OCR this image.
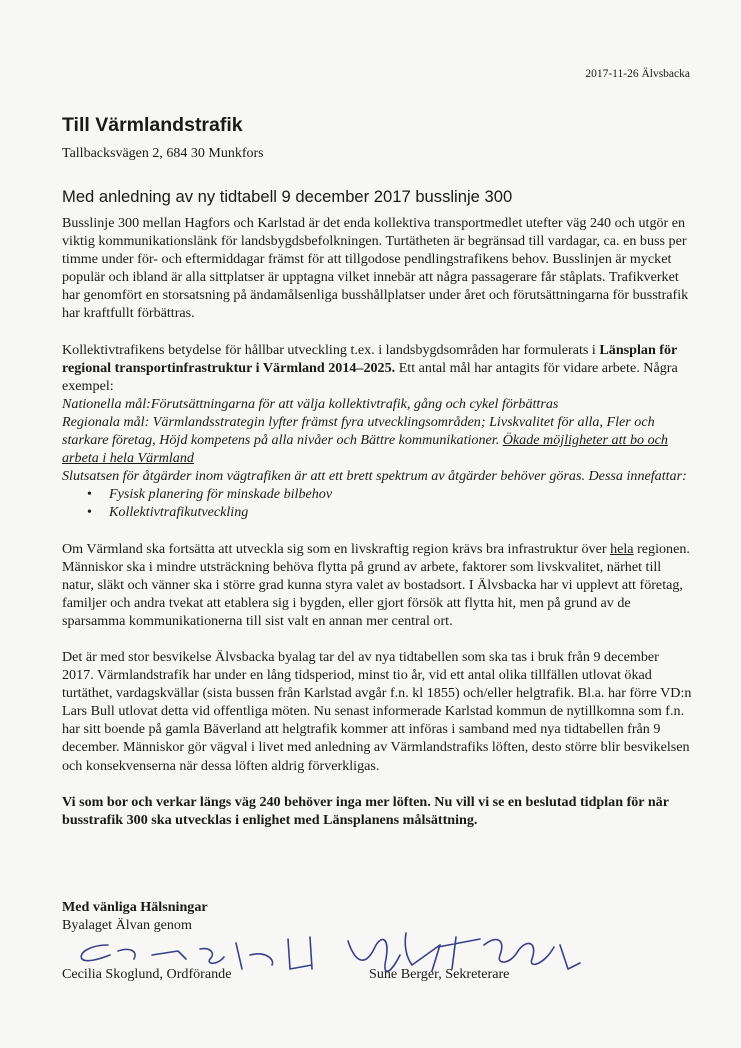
2017-11-26 Älvsbacka
Till Värmlandstrafik
Tallbacksvägen 2, 684 30 Munkfors
Med anledning av ny tidtabell 9 december 2017 busslinje 300

Busslinje 300 mellan Hagfors och Karlstad är det enda kollektiva transportmedlet utefter väg 240 och utgör en viktig kommunikationslänk för landsbygdsbefolkningen. Turtätheten är begränsad till vardagar, ca. en buss per timme under för- och eftermiddagar främst för att tillgodose pendlingstrafikens behov. Busslinjen är mycket populär och ibland är alla sittplatser är upptagna vilket innebär att några passagerare får ståplats. Trafikverket har genomfört en storsatsning på ändamålsenliga busshållplatser under året och förutsättningarna för busstrafik har kraftfullt förbättras.

Kollektivtrafikens betydelse för hållbar utveckling t.ex. i landsbygdsområden har formulerats i Länsplan för regional transportinfrastruktur i Värmland 2014–2025. Ett antal mål har antagits för vidare arbete. Några exempel:

Nationella mål:Förutsättningarna för att välja kollektivtrafik, gång och cykel förbättras

Regionala mål: Värmlandsstrategin lyfter främst fyra utvecklingsområden; Livskvalitet för alla, Fler och starkare företag, Höjd kompetens på alla nivåer och Bättre kommunikationer. Ökade möjligheter att bo och arbeta i hela Värmland

Slutsatsen för åtgärder inom vägtrafiken är att ett brett spektrum av åtgärder behöver göras. Dessa innefattar:

• Fysisk planering för minskade bilbehov
• Kollektivtrafikutveckling

Om Värmland ska fortsätta att utveckla sig som en livskraftig region krävs bra infrastruktur över hela regionen. Människor ska i mindre utsträckning behöva flytta på grund av arbete, faktorer som livskvalitet, närhet till natur, släkt och vänner ska i större grad kunna styra valet av bostadsort. I Älvsbacka har vi upplevt att företag, familjer och andra tvekat att etablera sig i bygden, eller gjort försök att flytta hit, men på grund av de sparsamma kommunikationerna till sist valt en annan mer central ort.

Det är med stor besvikelse Älvsbacka byalag tar del av nya tidtabellen som ska tas i bruk från 9 december 2017. Värmlandstrafik har under en lång tidsperiod, minst tio år, vid ett antal olika tillfällen utlovat ökad turtäthet, vardagskvällar (sista bussen från Karlstad avgår f.n. kl 1855) och/eller helgtrafik. Bl.a. har förre VD:n Lars Bull utlovat detta vid offentliga möten. Nu senast informerade Karlstad kommun de nytillkomna som f.n. har sitt boende på gamla Bäverland att helgtrafik kommer att införas i samband med nya tidtabellen från 9 december. Människor gör vägval i livet med anledning av Värmlandstrafiks löften, desto större blir besvikelsen och konsekvenserna när dessa löften aldrig förverkligas.

Vi som bor och verkar längs väg 240 behöver inga mer löften. Nu vill vi se en beslutad tidplan för när busstrafik 300 ska utvecklas i enlighet med Länsplanens målsättning.

Med vänliga Hälsningar

Byalaget Älvan genom

Cecilia Skoglund, Ordförande	Sune Berger, Sekreterare
